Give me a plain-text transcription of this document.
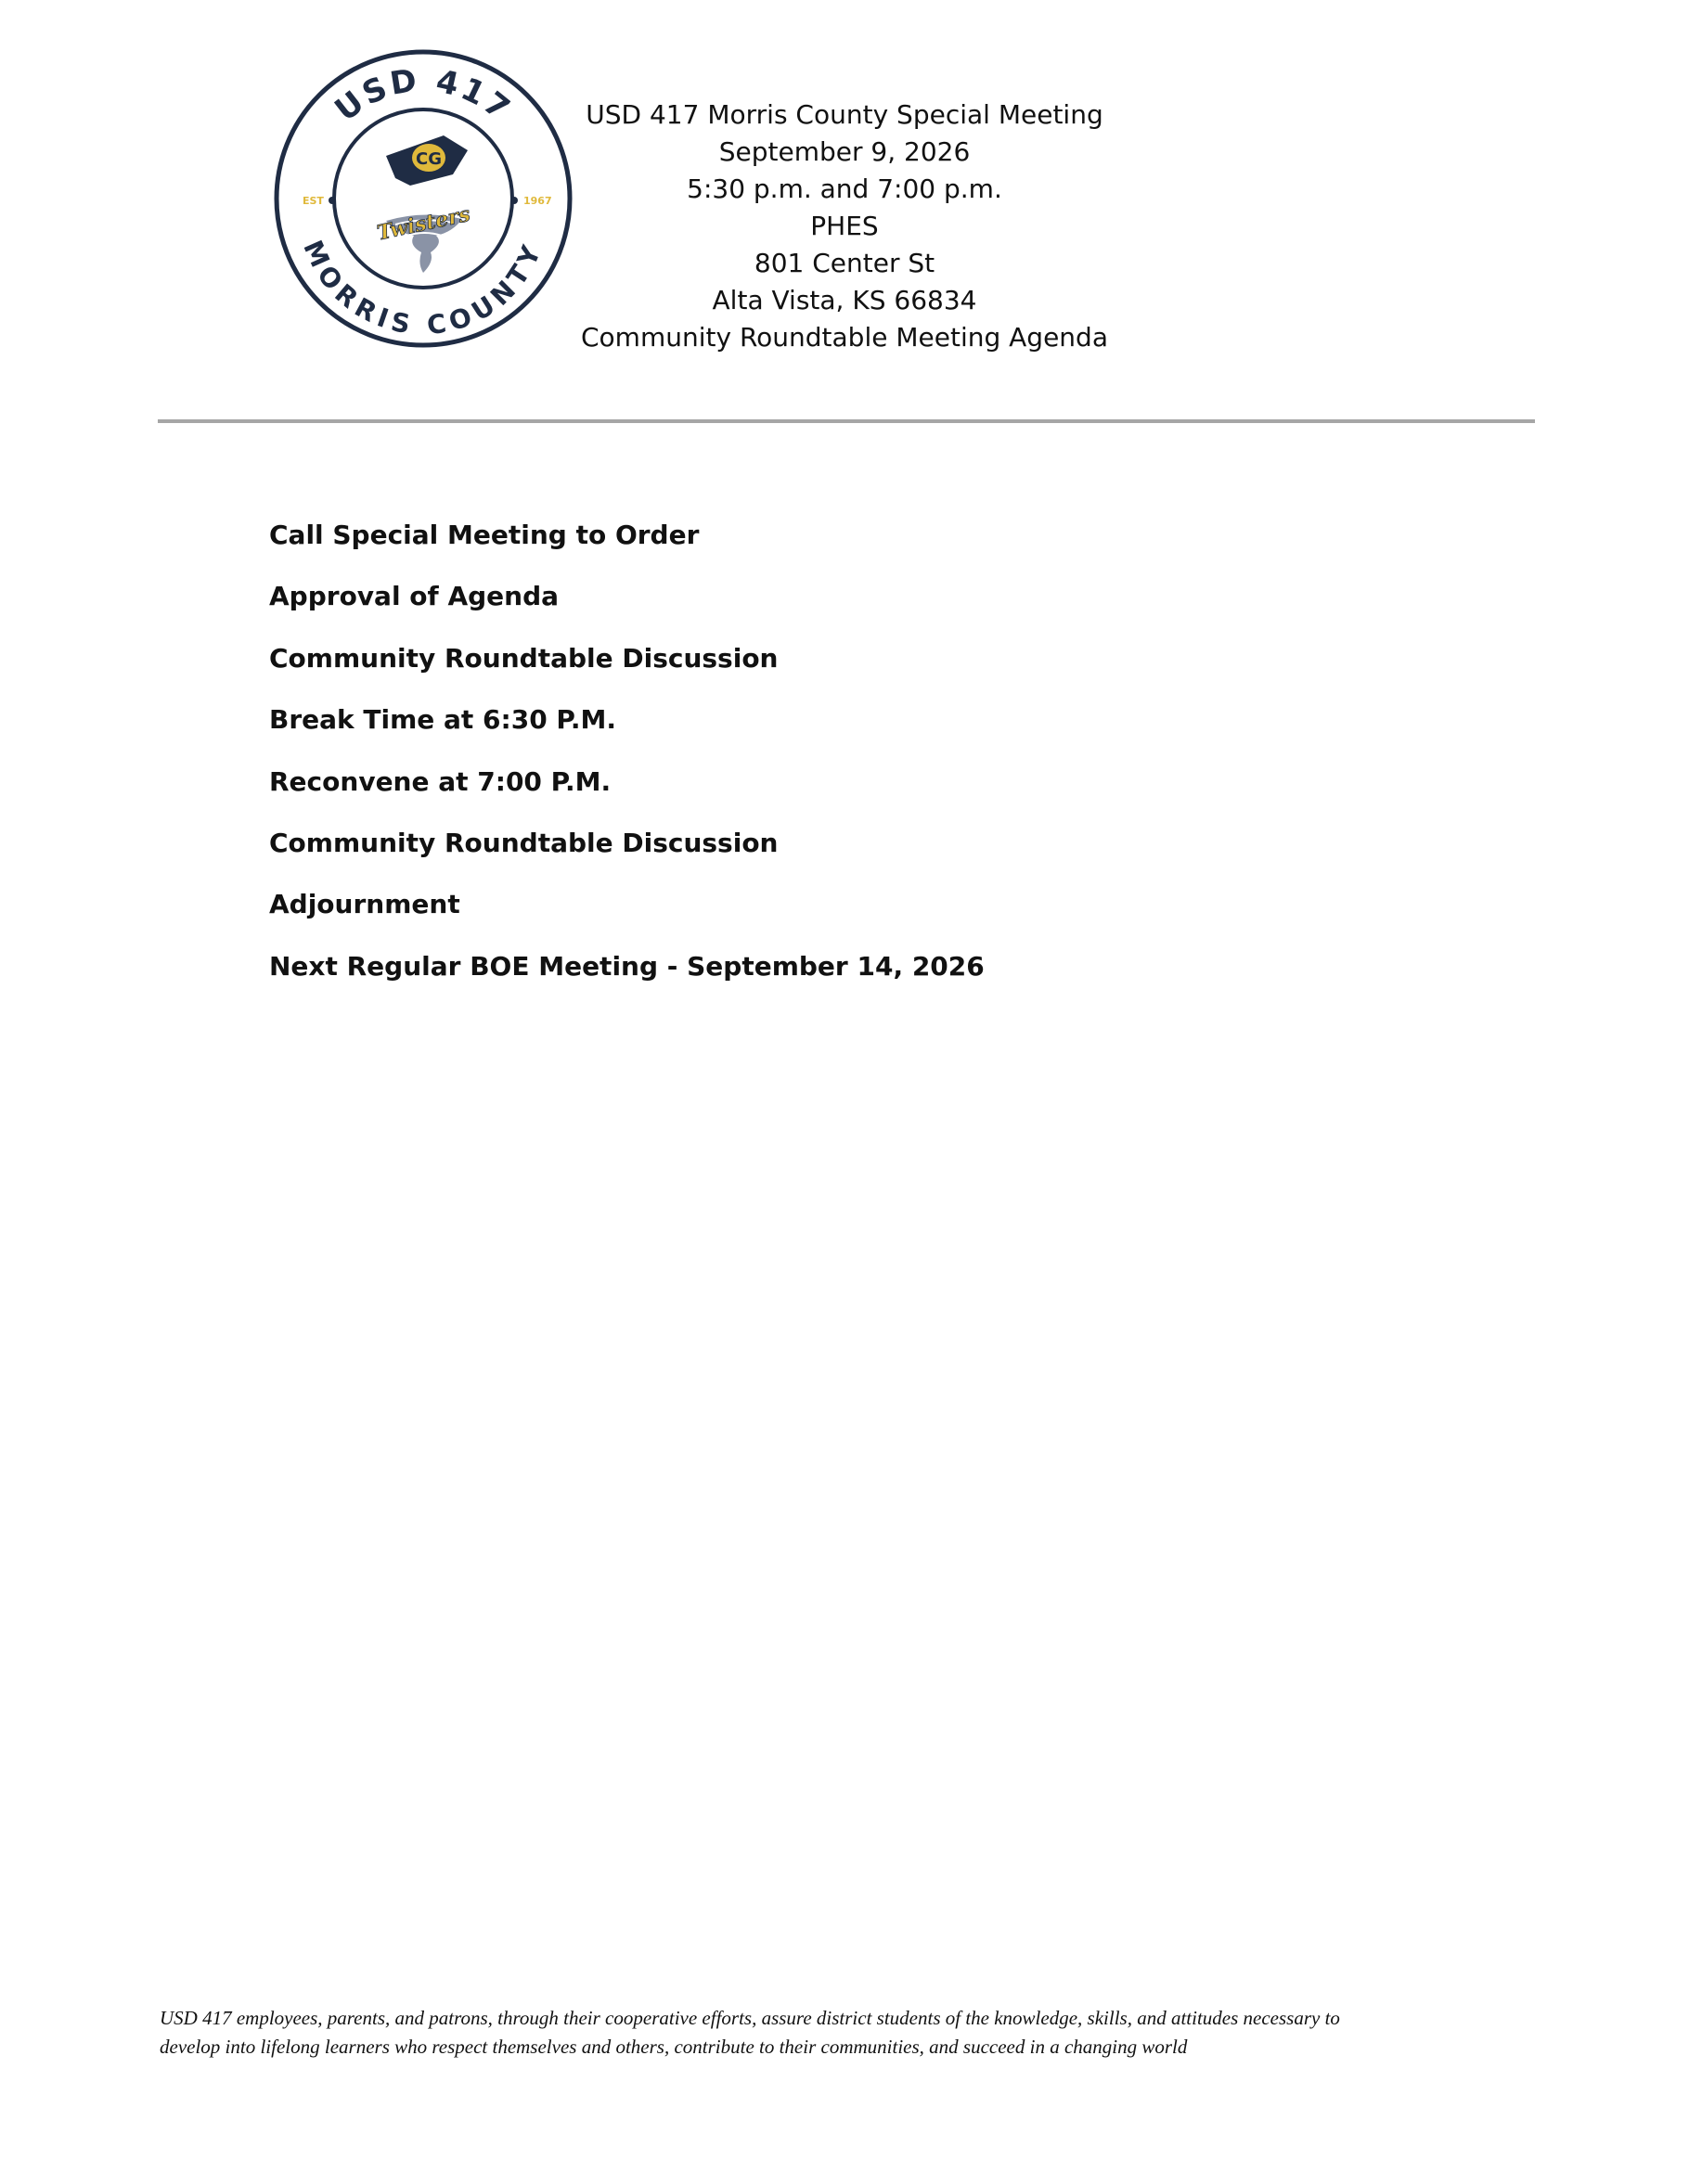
USD 417
MORRIS COUNTY
EST	1967
CG
Twisters
USD 417 Morris County Special Meeting
September 9, 2026
5:30 p.m. and 7:00 p.m.
PHES
801 Center St
Alta Vista, KS 66834
Community Roundtable Meeting Agenda
Call Special Meeting to Order
Approval of Agenda
Community Roundtable Discussion
Break Time at 6:30 P.M.
Reconvene at 7:00 P.M.
Community Roundtable Discussion
Adjournment
Next Regular BOE Meeting - September 14, 2026
USD 417 employees, parents, and patrons, through their cooperative efforts, assure district students of the knowledge, skills, and attitudes necessary to
develop into lifelong learners who respect themselves and others, contribute to their communities, and succeed in a changing world
